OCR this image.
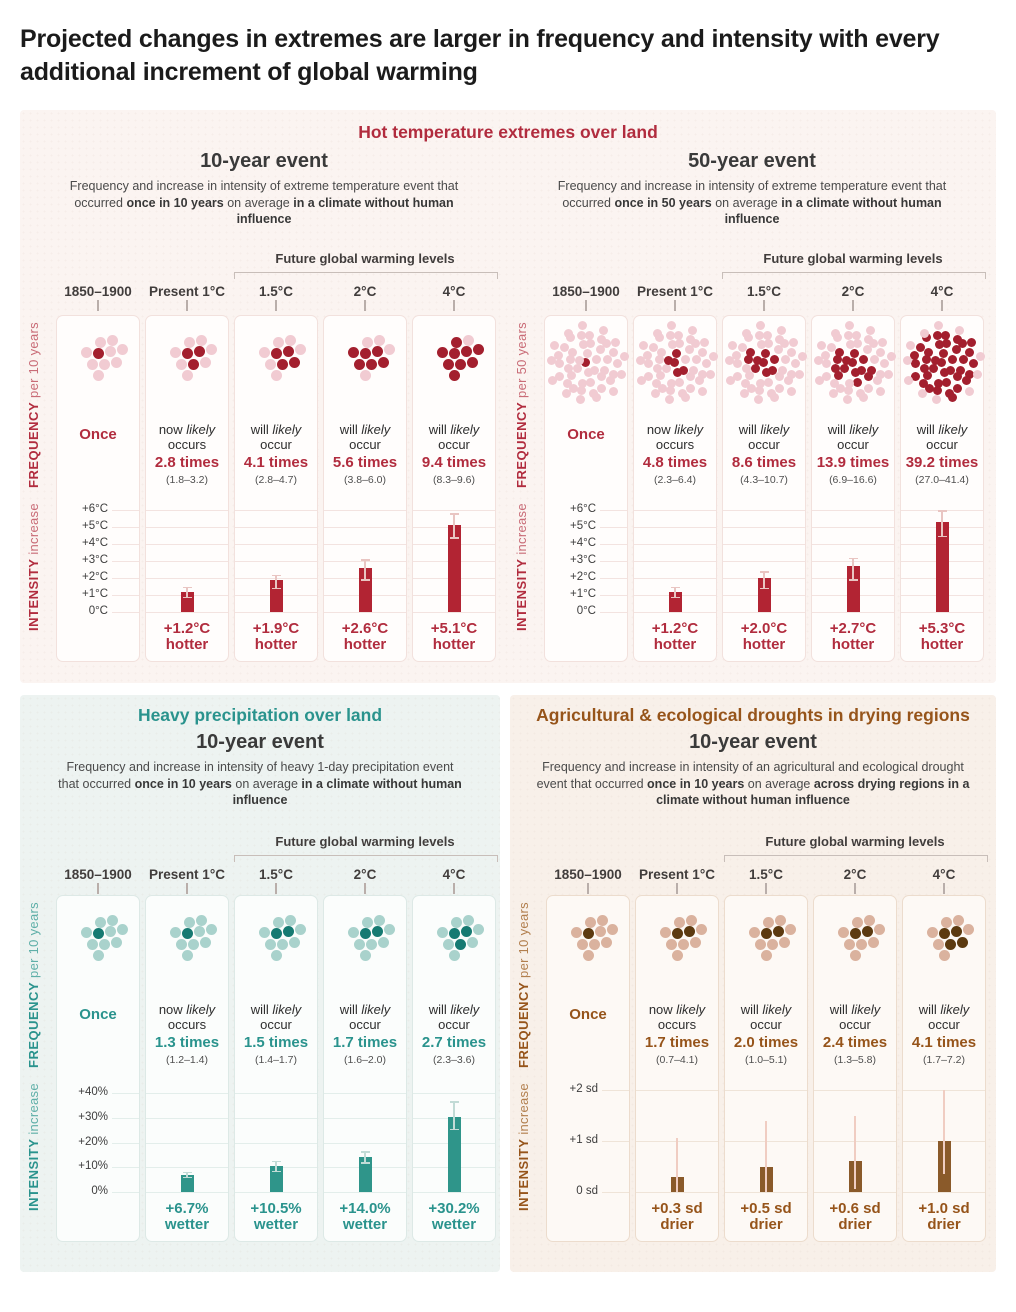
Projected changes in extremes are larger in frequency and intensity with every additional increment of global warming
Hot temperature extremes over land
10-year event
Frequency and increase in intensity of extreme temperature event that occurred once in 10 years on average in a climate without human influence
Future global warming levels
1850–1900	Present 1°C	1.5°C	2°C	4°C
FREQUENCY per 10 years
INTENSITY increase	+6°C
+5°C
+4°C
+3°C
+2°C
+1°C
0°C
Once	now likely
occurs
2.8 times
(1.8–3.2)
+1.2°C
hotter
will likely
occur
4.1 times
(2.8–4.7)
+1.9°C
hotter
will likely
occur
5.6 times
(3.8–6.0)
+2.6°C
hotter
will likely
occur
9.4 times
(8.3–9.6)
+5.1°C
hotter
50-year event
Frequency and increase in intensity of extreme temperature event that occurred once in 50 years on average in a climate without human influence
Future global warming levels
1850–1900	Present 1°C	1.5°C	2°C	4°C
FREQUENCY per 50 years
INTENSITY increase	+6°C
+5°C
+4°C
+3°C
+2°C
+1°C
0°C
Once	now likely
occurs
4.8 times
(2.3–6.4)
+1.2°C
hotter
will likely
occur
8.6 times
(4.3–10.7)
+2.0°C
hotter
will likely
occur
13.9 times
(6.9–16.6)
+2.7°C
hotter
will likely
occur
39.2 times
(27.0–41.4)
+5.3°C
hotter
Heavy precipitation over land
10-year event
Frequency and increase in intensity of heavy 1-day precipitation event that occurred once in 10 years on average in a climate without human influence
Future global warming levels
1850–1900	Present 1°C	1.5°C	2°C	4°C
FREQUENCY per 10 years
INTENSITY increase	+40%
+30%
+20%
+10%
0%
Once	now likely
occurs
1.3 times
(1.2–1.4)
+6.7%
wetter
will likely
occur
1.5 times
(1.4–1.7)
+10.5%
wetter
will likely
occur
1.7 times
(1.6–2.0)
+14.0%
wetter
will likely
occur
2.7 times
(2.3–3.6)
+30.2%
wetter
Agricultural & ecological droughts in drying regions
10-year event
Frequency and increase in intensity of an agricultural and ecological drought event that occurred once in 10 years on average across drying regions in a climate without human influence
Future global warming levels
1850–1900	Present 1°C	1.5°C	2°C	4°C
FREQUENCY per 10 years
INTENSITY increase	+2 sd
+1 sd
0 sd
Once	now likely
occurs
1.7 times
(0.7–4.1)
+0.3 sd
drier
will likely
occur
2.0 times
(1.0–5.1)
+0.5 sd
drier
will likely
occur
2.4 times
(1.3–5.8)
+0.6 sd
drier
will likely
occur
4.1 times
(1.7–7.2)
+1.0 sd
drier
